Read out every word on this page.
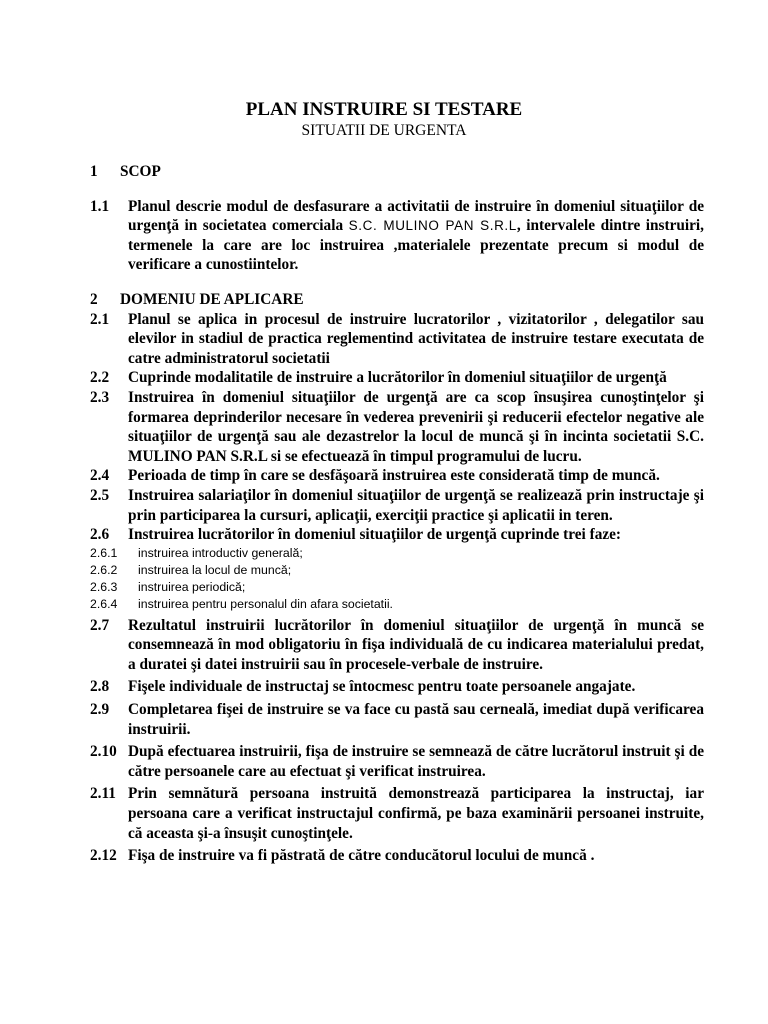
PLAN INSTRUIRE SI TESTARE
SITUATII DE URGENTA
1	SCOP
1.1	Planul descrie modul de desfasurare a activitatii de instruire în domeniul situaţiilor de urgenţă in societatea comerciala S.C. MULINO PAN S.R.L, intervalele dintre instruiri, termenele la care are loc instruirea ,materialele prezentate precum si modul de verificare a cunostiintelor.
2	DOMENIU DE APLICARE
2.1	Planul se aplica in procesul de instruire lucratorilor , vizitatorilor , delegatilor sau elevilor in stadiul de practica reglementind activitatea de instruire testare executata de catre administratorul societatii
2.2	Cuprinde modalitatile de instruire a lucrătorilor în domeniul situaţiilor de urgenţă
2.3	Instruirea în domeniul situaţiilor de urgenţă are ca scop însuşirea cunoştinţelor şi formarea deprinderilor necesare în vederea prevenirii şi reducerii efectelor negative ale situaţiilor de urgenţă sau ale dezastrelor la locul de muncă şi în incinta societatii S.C. MULINO PAN S.R.L si se efectuează în timpul programului de lucru.
2.4	Perioada de timp în care se desfăşoară instruirea este considerată timp de muncă.
2.5	Instruirea salariaţilor în domeniul situaţiilor de urgenţă se realizează prin instructaje şi prin participarea la cursuri, aplicaţii, exerciţii practice şi aplicatii in teren.
2.6	Instruirea lucrătorilor în domeniul situaţiilor de urgenţă cuprinde trei faze:
2.6.1	instruirea introductiv generală;
2.6.2	instruirea la locul de muncă;
2.6.3	instruirea periodică;
2.6.4	instruirea pentru personalul din afara societatii.
2.7	Rezultatul instruirii lucrătorilor în domeniul situaţiilor de urgenţă în muncă se consemnează în mod obligatoriu în fişa individuală de cu indicarea materialului predat, a duratei şi datei instruirii sau în procesele-verbale de instruire.
2.8	Fişele individuale de instructaj se întocmesc pentru toate persoanele angajate.
2.9	Completarea fişei de instruire se va face cu pastă sau cerneală, imediat după verificarea instruirii.
2.10 După efectuarea instruirii, fişa de instruire se semnează de către lucrătorul instruit şi de către persoanele care au efectuat şi verificat instruirea.
2.11 Prin semnătură persoana instruită demonstrează participarea la instructaj, iar persoana care a verificat instructajul confirmă, pe baza examinării persoanei instruite, că aceasta şi-a însuşit cunoştinţele.
2.12 Fişa de instruire va fi păstrată de către conducătorul locului de muncă .
